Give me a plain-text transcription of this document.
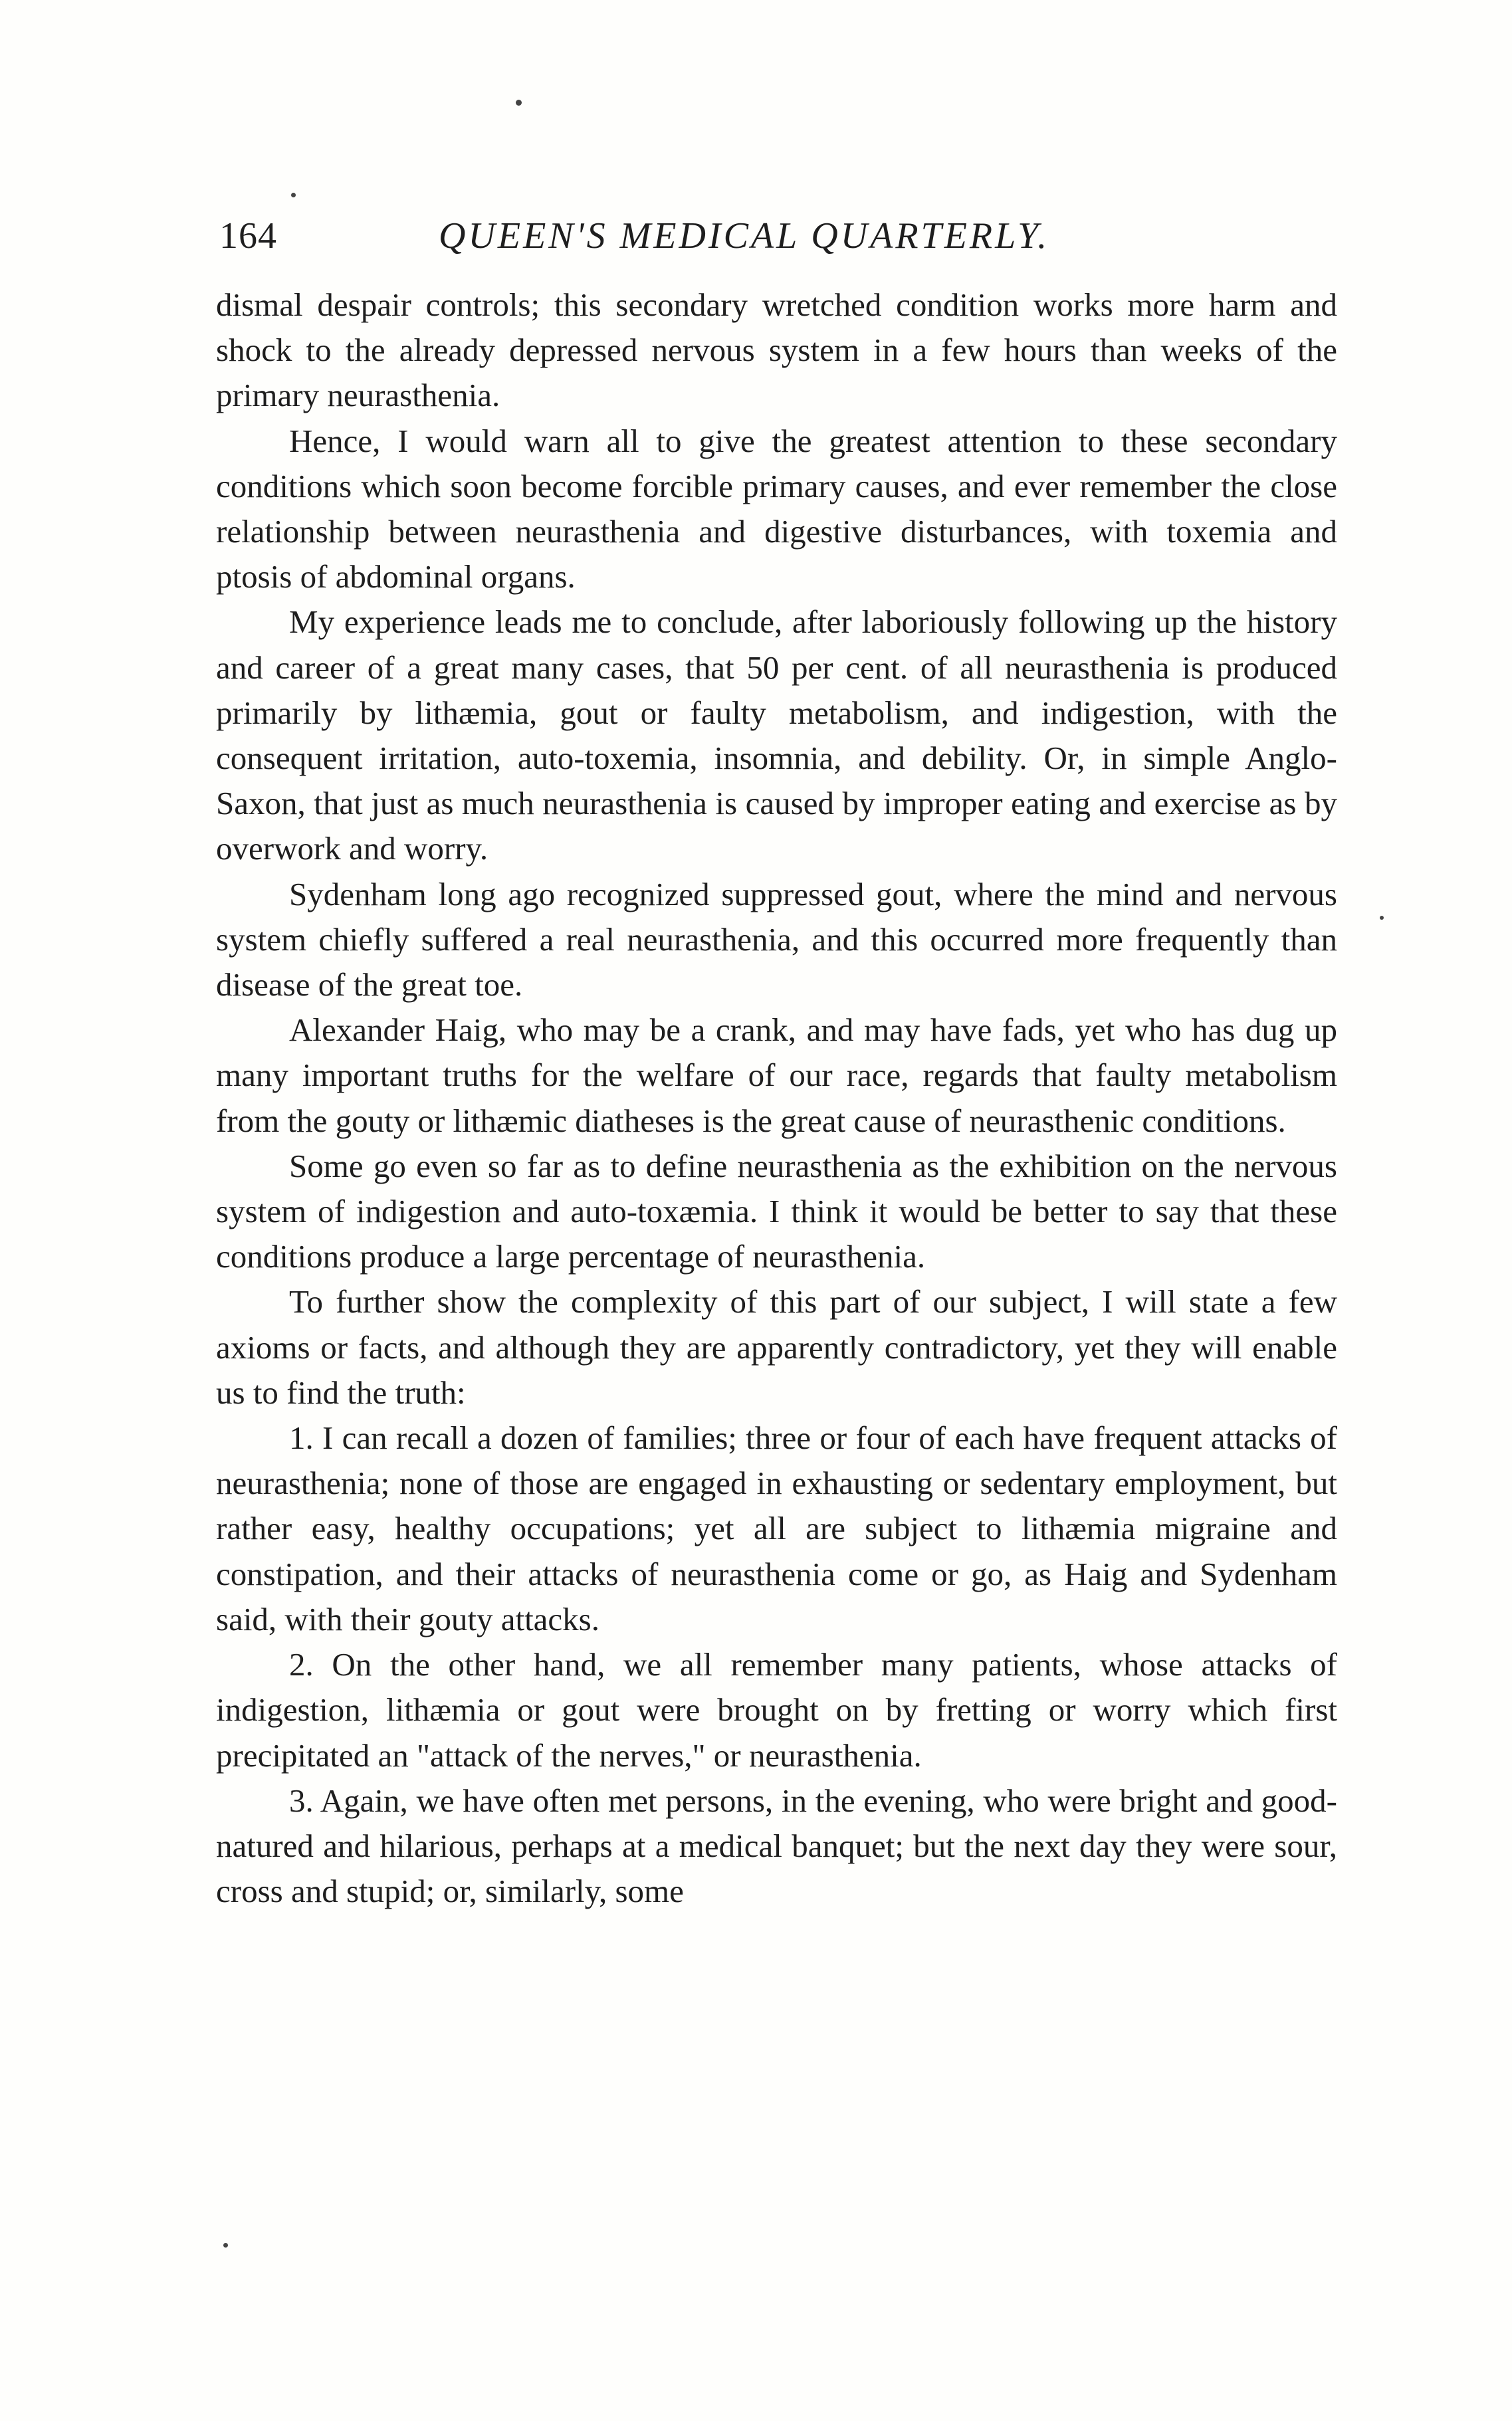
164	QUEEN'S MEDICAL QUARTERLY.

dismal despair controls; this secondary wretched condition works more harm and shock to the already depressed nervous system in a few hours than weeks of the primary neurasthenia.

Hence, I would warn all to give the greatest attention to these secondary conditions which soon become forcible primary causes, and ever remember the close relationship between neurasthenia and digestive disturbances, with toxemia and ptosis of abdominal organs.

My experience leads me to conclude, after laboriously following up the history and career of a great many cases, that 50 per cent. of all neurasthenia is produced primarily by lithæmia, gout or faulty metabolism, and indigestion, with the consequent irritation, auto-toxemia, insomnia, and debility. Or, in simple Anglo-Saxon, that just as much neurasthenia is caused by improper eating and exercise as by overwork and worry.

Sydenham long ago recognized suppressed gout, where the mind and nervous system chiefly suffered a real neurasthenia, and this occurred more frequently than disease of the great toe.

Alexander Haig, who may be a crank, and may have fads, yet who has dug up many important truths for the welfare of our race, regards that faulty metabolism from the gouty or lithæmic diatheses is the great cause of neurasthenic conditions.

Some go even so far as to define neurasthenia as the exhibition on the nervous system of indigestion and auto-toxæmia. I think it would be better to say that these conditions produce a large percentage of neurasthenia.

To further show the complexity of this part of our subject, I will state a few axioms or facts, and although they are apparently contradictory, yet they will enable us to find the truth:

1. I can recall a dozen of families; three or four of each have frequent attacks of neurasthenia; none of those are engaged in exhausting or sedentary employment, but rather easy, healthy occupations; yet all are subject to lithæmia migraine and constipation, and their attacks of neurasthenia come or go, as Haig and Sydenham said, with their gouty attacks.

2. On the other hand, we all remember many patients, whose attacks of indigestion, lithæmia or gout were brought on by fretting or worry which first precipitated an "attack of the nerves," or neurasthenia.

3. Again, we have often met persons, in the evening, who were bright and good-natured and hilarious, perhaps at a medical banquet; but the next day they were sour, cross and stupid; or, similarly, some
